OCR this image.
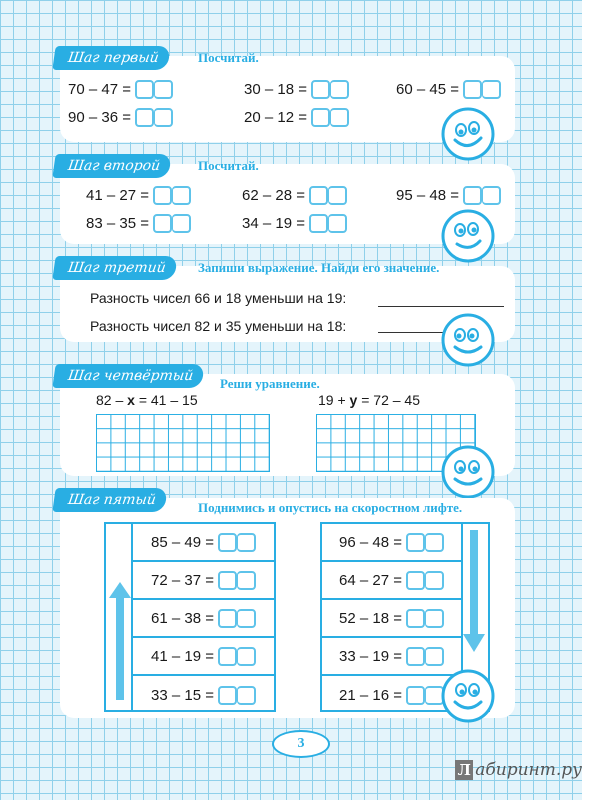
Шаг первый	Посчитай.
70 – 47 =	30 – 18 =	60 – 45 =
90 – 36 =	20 – 12 =
Шаг второй	Посчитай.
41 – 27 =	62 – 28 =	95 – 48 =
83 – 35 =	34 – 19 =
Шаг третий	Запиши выражение. Найди его значение.
Разность чисел 66 и 18 уменьши на 19:
Разность чисел 82 и 35 уменьши на 18:
Шаг четвёртый	Реши уравнение.
82 –
x
= 41 – 15	19 +
y
= 72 – 45
Шаг пятый	Поднимись и опустись на скоростном лифте.
85 – 49 =
72 – 37 =
61 – 38 =
41 – 19 =
33 – 15 =
96 – 48 =
64 – 27 =
52 – 18 =
33 – 19 =
21 – 16 =
3
Л абиринт.ру
